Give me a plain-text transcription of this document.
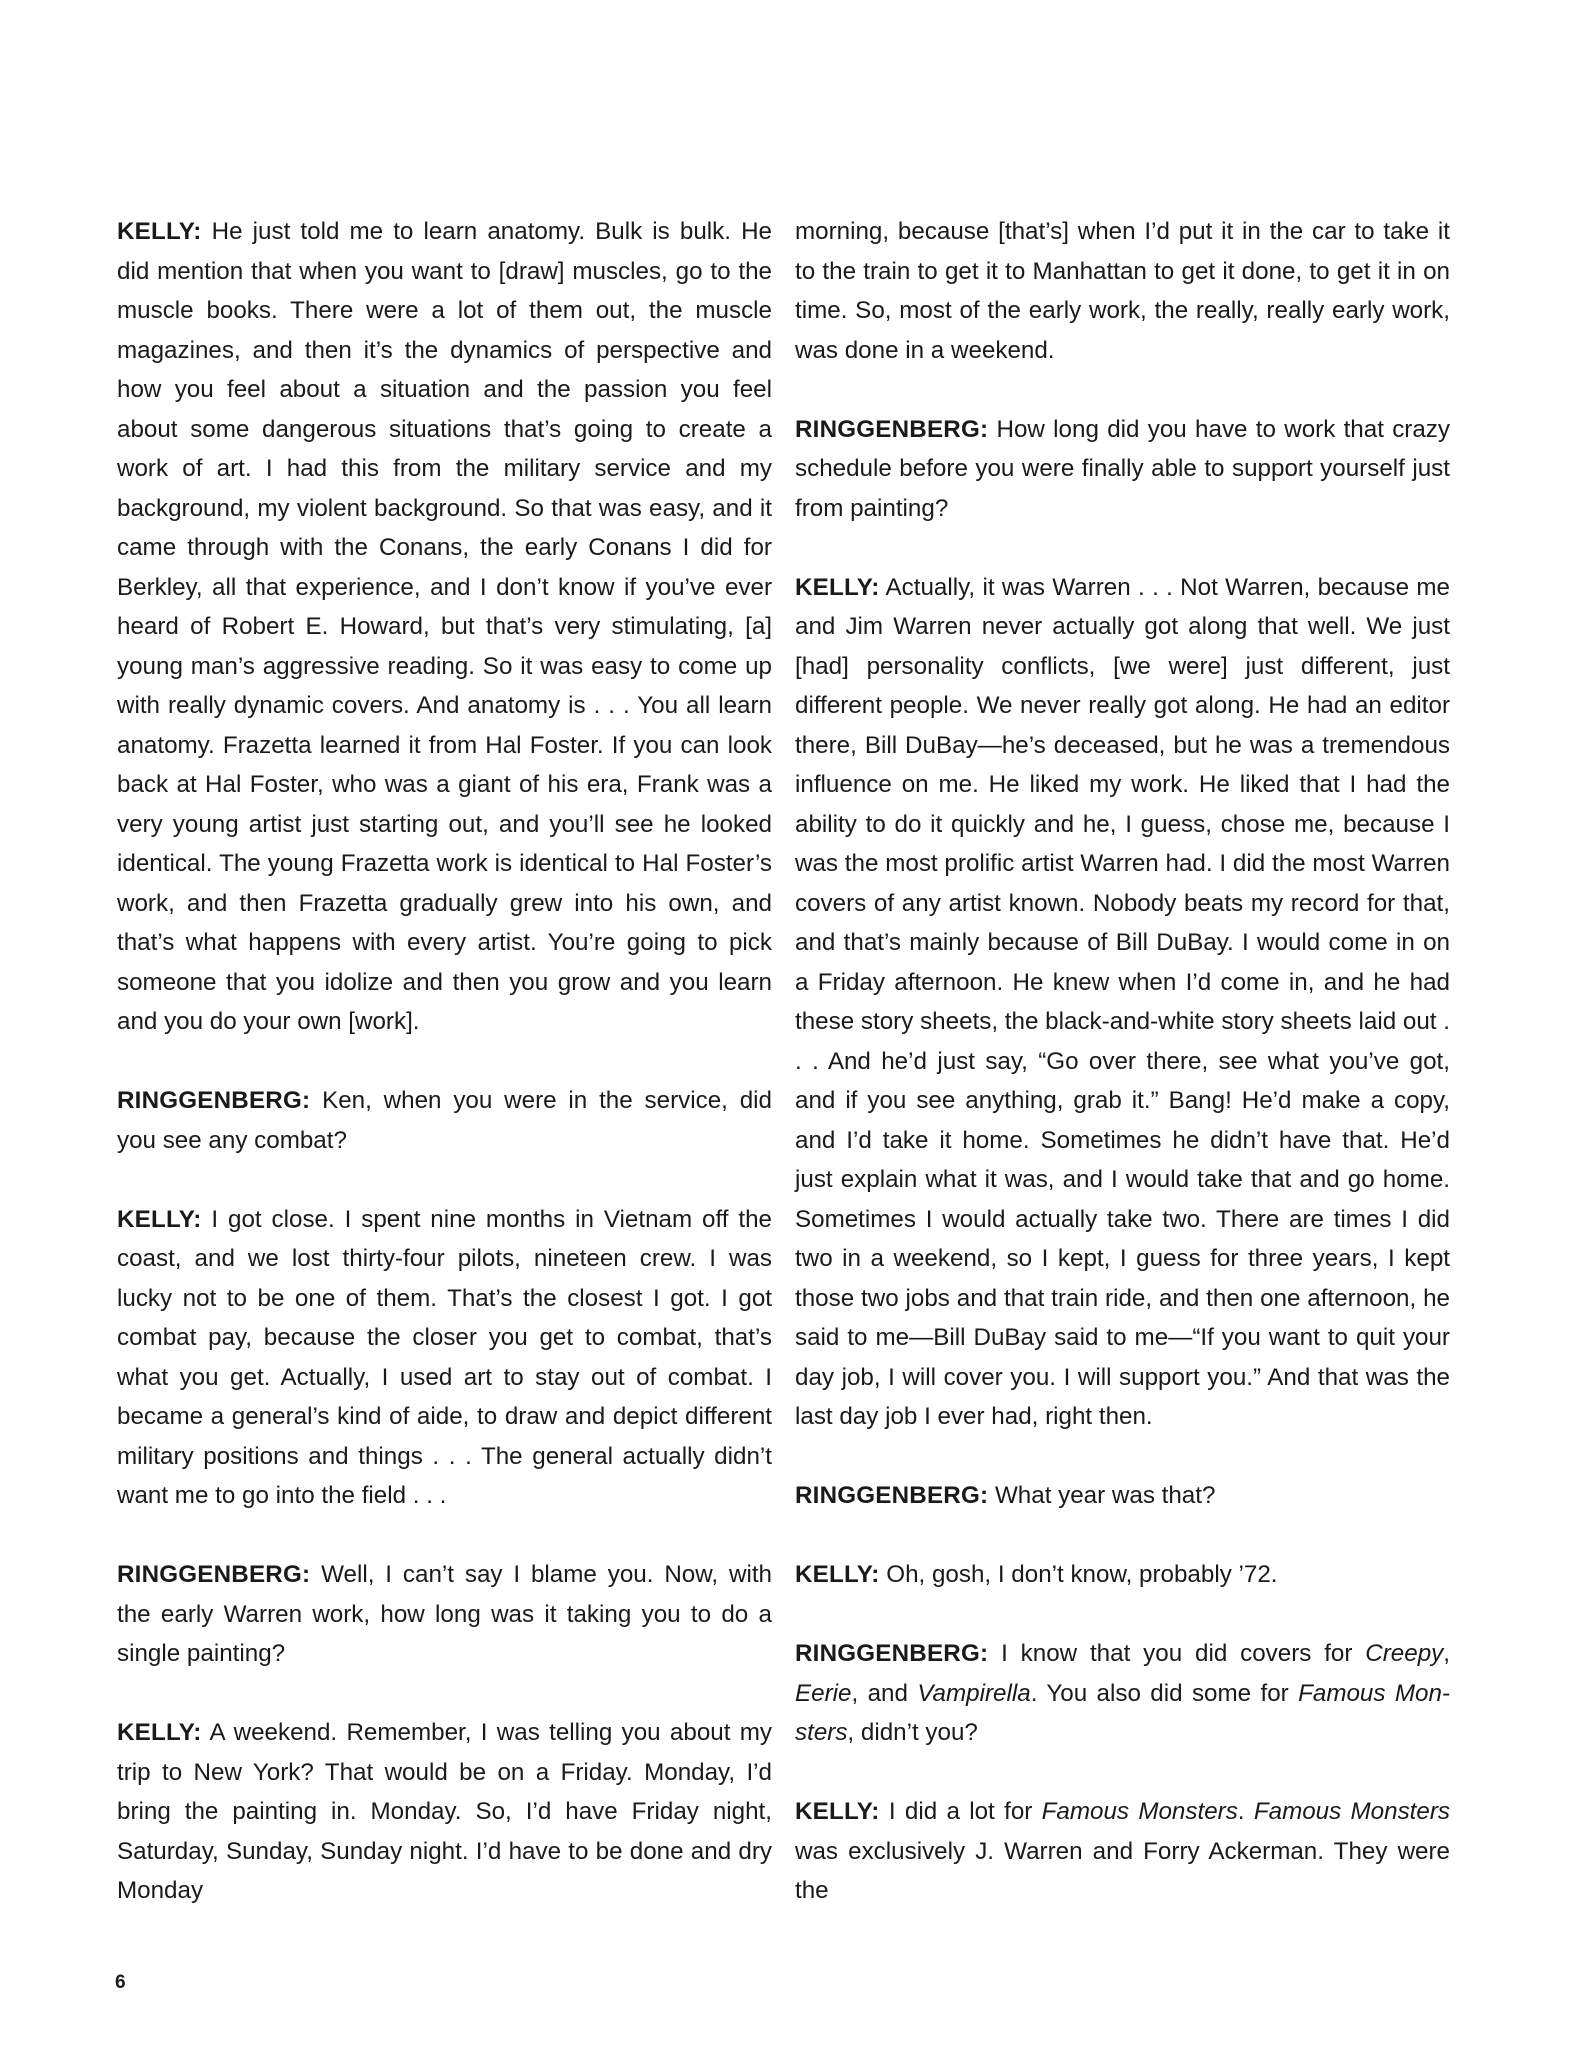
KELLY: He just told me to learn anatomy. Bulk is bulk. He did mention that when you want to [draw] muscles, go to the muscle books. There were a lot of them out, the muscle magazines, and then it’s the dynamics of perspective and how you feel about a situation and the passion you feel about some dangerous situations that’s going to create a work of art. I had this from the military service and my background, my violent background. So that was easy, and it came through with the Conans, the early Conans I did for Berkley, all that experience, and I don’t know if you’ve ever heard of Robert E. Howard, but that’s very stimulating, [a] young man’s aggressive reading. So it was easy to come up with really dynamic covers. And anatomy is . . . You all learn anatomy. Frazetta learned it from Hal Foster. If you can look back at Hal Foster, who was a giant of his era, Frank was a very young artist just starting out, and you’ll see he looked identical. The young Frazetta work is identical to Hal Foster’s work, and then Frazetta gradually grew into his own, and that’s what happens with every artist. You’re going to pick someone that you idolize and then you grow and you learn and you do your own [work].

RINGGENBERG: Ken, when you were in the service, did you see any combat?

KELLY: I got close. I spent nine months in Vietnam off the coast, and we lost thirty-four pilots, nineteen crew. I was lucky not to be one of them. That’s the closest I got. I got combat pay, because the closer you get to combat, that’s what you get. Actually, I used art to stay out of combat. I became a general’s kind of aide, to draw and depict different military positions and things . . . The general actually didn’t want me to go into the field . . .

RINGGENBERG: Well, I can’t say I blame you. Now, with the early Warren work, how long was it taking you to do a single painting?

KELLY: A weekend. Remember, I was telling you about my trip to New York? That would be on a Friday. Monday, I’d bring the painting in. Monday. So, I’d have Friday night, Saturday, Sunday, Sunday night. I’d have to be done and dry Monday

morning, because [that’s] when I’d put it in the car to take it to the train to get it to Manhattan to get it done, to get it in on time. So, most of the early work, the really, really early work, was done in a weekend.

RINGGENBERG: How long did you have to work that crazy schedule before you were finally able to support yourself just from painting?

KELLY: Actually, it was Warren . . . Not Warren, because me and Jim Warren never actually got along that well. We just [had] personality conflicts, [we were] just different, just different people. We never really got along. He had an editor there, Bill DuBay—he’s deceased, but he was a tremendous influence on me. He liked my work. He liked that I had the ability to do it quickly and he, I guess, chose me, because I was the most prolific artist Warren had. I did the most Warren covers of any artist known. Nobody beats my record for that, and that’s mainly because of Bill DuBay. I would come in on a Friday afternoon. He knew when I’d come in, and he had these story sheets, the black-and-white story sheets laid out . . . And he’d just say, “Go over there, see what you’ve got, and if you see anything, grab it.” Bang! He’d make a copy, and I’d take it home. Sometimes he didn’t have that. He’d just explain what it was, and I would take that and go home. Sometimes I would actually take two. There are times I did two in a weekend, so I kept, I guess for three years, I kept those two jobs and that train ride, and then one afternoon, he said to me—Bill DuBay said to me—“If you want to quit your day job, I will cover you. I will support you.” And that was the last day job I ever had, right then.

RINGGENBERG: What year was that?

KELLY: Oh, gosh, I don’t know, probably ’72.

RINGGENBERG: I know that you did covers for Creepy, Eerie, and Vampirella. You also did some for Famous Monsters, didn’t you?

KELLY: I did a lot for Famous Monsters. Famous Monsters was exclusively J. Warren and Forry Ackerman. They were the

6
